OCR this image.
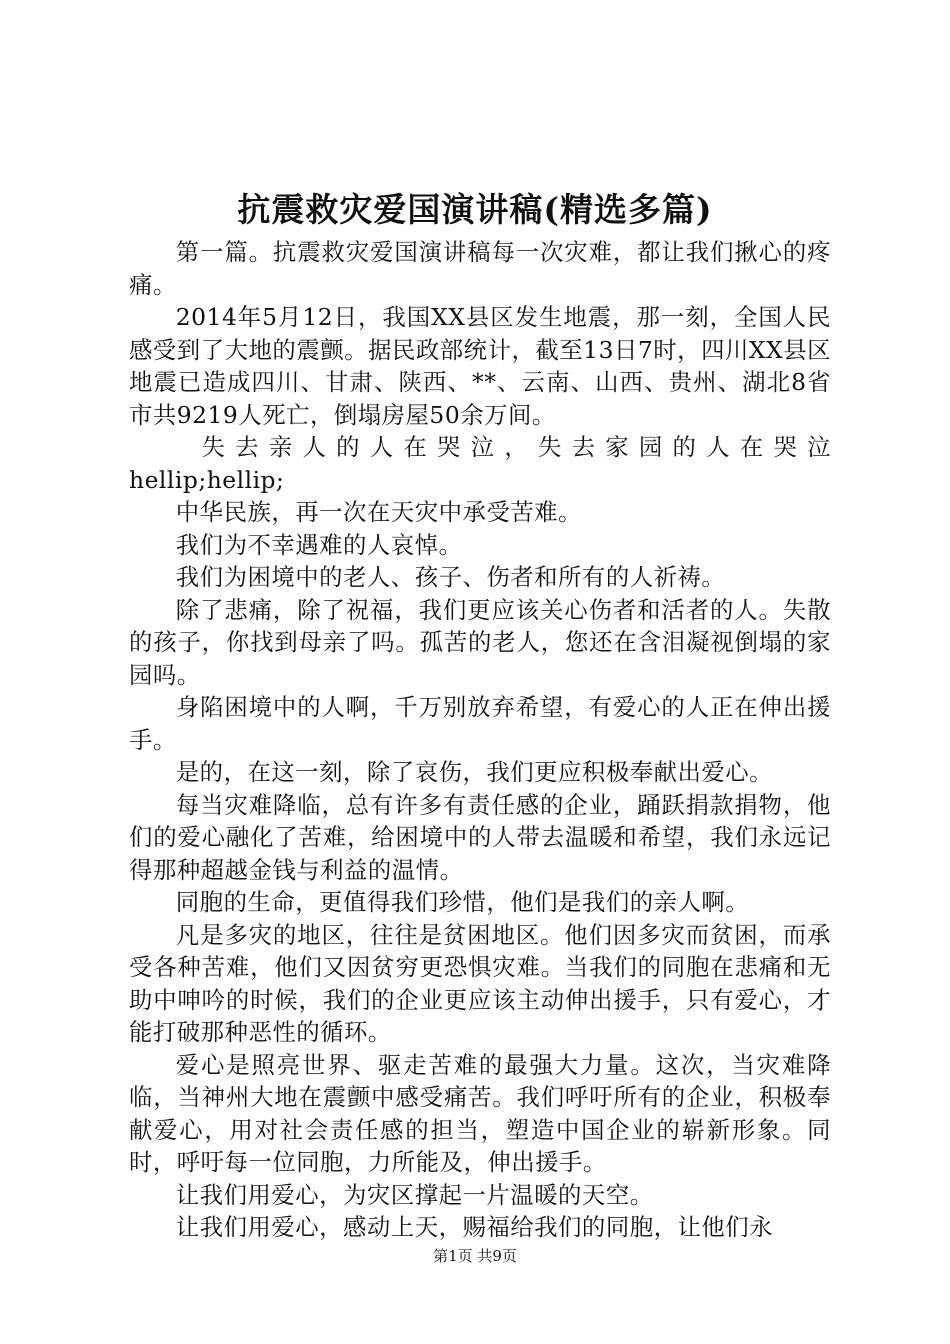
抗震救灾爱国演讲稿(精选多篇)

第一篇。抗震救灾爱国演讲稿每一次灾难，都让我们揪心的疼痛。

2014年5月12日，我国XX县区发生地震，那一刻，全国人民感受到了大地的震颤。据民政部统计，截至13日7时，四川XX县区地震已造成四川、甘肃、陕西、**、云南、山西、贵州、湖北8省市共9219人死亡，倒塌房屋50余万间。

失去亲人的人在哭泣，失去家园的人在哭泣

hellip;hellip;

中华民族，再一次在天灾中承受苦难。

我们为不幸遇难的人哀悼。

我们为困境中的老人、孩子、伤者和所有的人祈祷。

除了悲痛，除了祝福，我们更应该关心伤者和活者的人。失散的孩子，你找到母亲了吗。孤苦的老人，您还在含泪凝视倒塌的家园吗。

身陷困境中的人啊，千万别放弃希望，有爱心的人正在伸出援手。

是的，在这一刻，除了哀伤，我们更应积极奉献出爱心。

每当灾难降临，总有许多有责任感的企业，踊跃捐款捐物，他们的爱心融化了苦难，给困境中的人带去温暖和希望，我们永远记得那种超越金钱与利益的温情。

同胞的生命，更值得我们珍惜，他们是我们的亲人啊。

凡是多灾的地区，往往是贫困地区。他们因多灾而贫困，而承受各种苦难，他们又因贫穷更恐惧灾难。当我们的同胞在悲痛和无助中呻吟的时候，我们的企业更应该主动伸出援手，只有爱心，才能打破那种恶性的循环。

爱心是照亮世界、驱走苦难的最强大力量。这次，当灾难降临，当神州大地在震颤中感受痛苦。我们呼吁所有的企业，积极奉献爱心，用对社会责任感的担当，塑造中国企业的崭新形象。同时，呼吁每一位同胞，力所能及，伸出援手。

让我们用爱心，为灾区撑起一片温暖的天空。

让我们用爱心，感动上天，赐福给我们的同胞，让他们永

第1页 共9页
